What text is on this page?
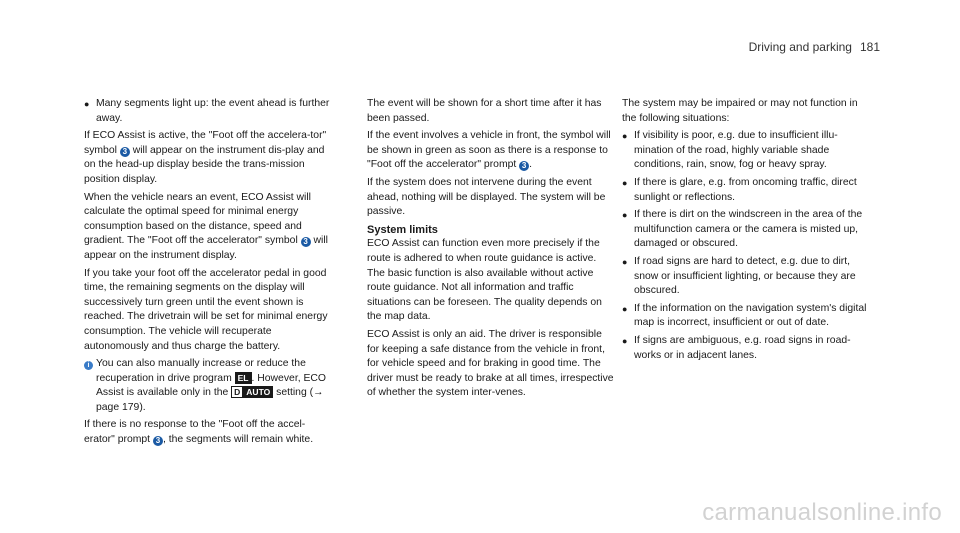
Driving and parking 181
● Many segments light up: the event ahead is further away.

If ECO Assist is active, the "Foot off the accelera-tor" symbol 3 will appear on the instrument dis-play and on the head-up display beside the trans-mission position display.

When the vehicle nears an event, ECO Assist will calculate the optimal speed for minimal energy consumption based on the distance, speed and gradient. The "Foot off the accelerator" symbol 3 will appear on the instrument display.

If you take your foot off the accelerator pedal in good time, the remaining segments on the display will successively turn green until the event shown is reached. The drivetrain will be set for minimal energy consumption. The vehicle will recuperate autonomously and thus charge the battery.

i You can also manually increase or reduce the recuperation in drive program EL . However, ECO Assist is available only in the D AUTO setting (→ page 179).

If there is no response to the "Foot off the accel-erator" prompt 3 , the segments will remain white.

The event will be shown for a short time after it has been passed.

If the event involves a vehicle in front, the symbol will be shown in green as soon as there is a response to "Foot off the accelerator" prompt 3 .

If the system does not intervene during the event ahead, nothing will be displayed. The system will be passive.

System limits

ECO Assist can function even more precisely if the route is adhered to when route guidance is active. The basic function is also available without active route guidance. Not all information and traffic situations can be foreseen. The quality depends on the map data.

ECO Assist is only an aid. The driver is responsible for keeping a safe distance from the vehicle in front, for vehicle speed and for braking in good time. The driver must be ready to brake at all times, irrespective of whether the system inter-venes.

The system may be impaired or may not function in the following situations:

● If visibility is poor, e.g. due to insufficient illu-mination of the road, highly variable shade conditions, rain, snow, fog or heavy spray.
● If there is glare, e.g. from oncoming traffic, direct sunlight or reflections.
● If there is dirt on the windscreen in the area of the multifunction camera or the camera is misted up, damaged or obscured.
● If road signs are hard to detect, e.g. due to dirt, snow or insufficient lighting, or because they are obscured.
● If the information on the navigation system's digital map is incorrect, insufficient or out of date.
● If signs are ambiguous, e.g. road signs in road-works or in adjacent lanes.
carmanualsonline.info
